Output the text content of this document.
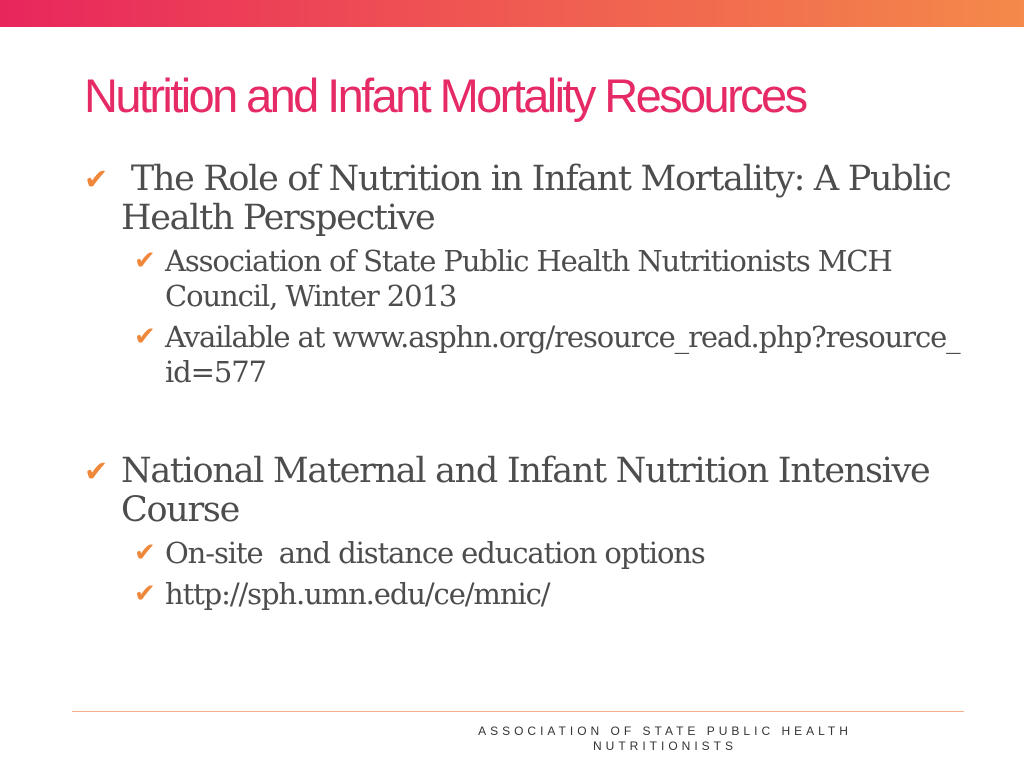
Nutrition and Infant Mortality Resources
✔ The Role of Nutrition in Infant Mortality: A Public Health Perspective
✔ Association of State Public Health Nutritionists MCH Council, Winter 2013
✔ Available at www.asphn.org/resource_read.php?resource_id=577
✔ National Maternal and Infant Nutrition Intensive Course
✔ On-site  and distance education options
✔ http://sph.umn.edu/ce/mnic/
ASSOCIATION OF STATE PUBLIC HEALTH NUTRITIONISTS
